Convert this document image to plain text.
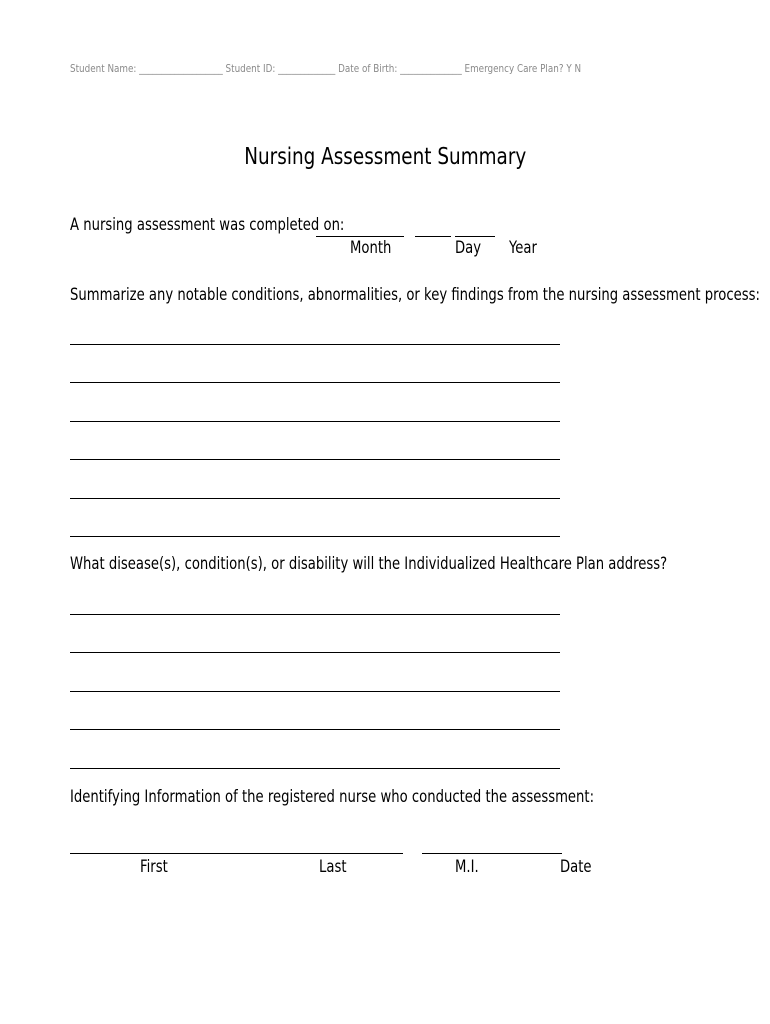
Student Name: ___________________ Student ID: _____________ Date of Birth: ______________ Emergency Care Plan? Y N
Nursing Assessment Summary
A nursing assessment was completed on:
Month	Day	Year
Summarize any notable conditions, abnormalities, or key findings from the nursing assessment process:
What disease(s), condition(s), or disability will the Individualized Healthcare Plan address?
Identifying Information of the registered nurse who conducted the assessment:
First	Last	M.I.	Date
